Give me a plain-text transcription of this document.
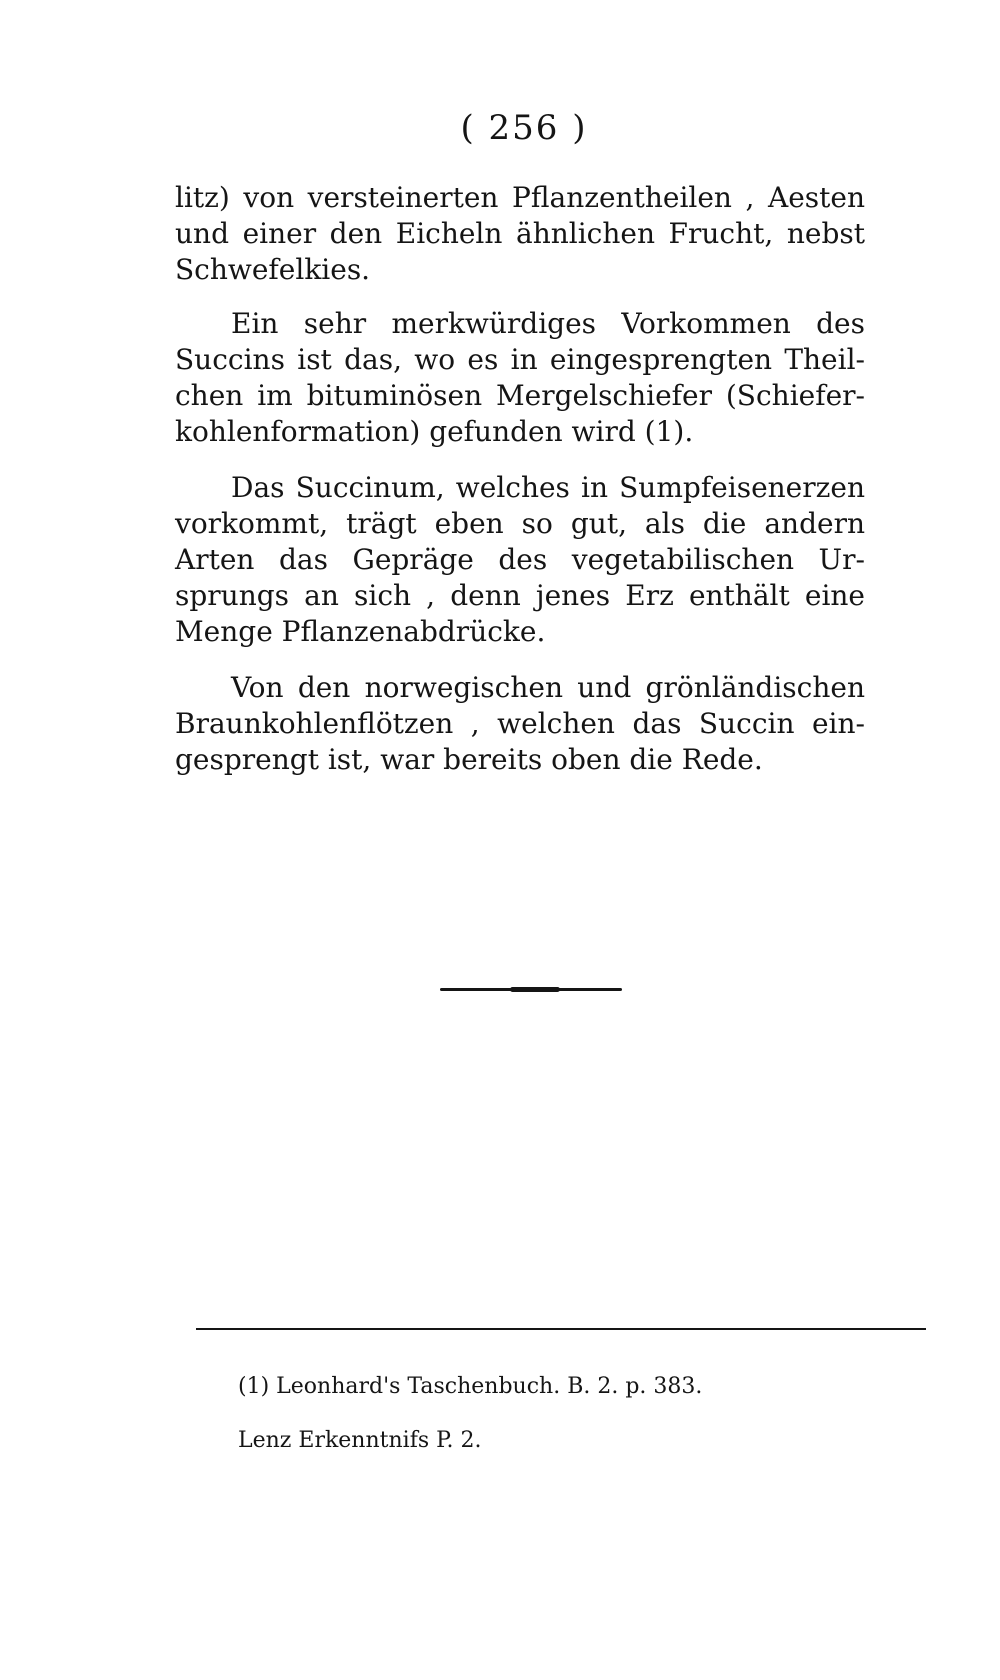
( 256 )
litz) von versteinerten Pflanzentheilen , Aesten
und einer den Eicheln ähnlichen Frucht, nebst
Schwefelkies.
Ein sehr merkwürdiges Vorkommen des
Succins ist das, wo es in eingesprengten Theil-
chen im bituminösen Mergelschiefer (Schiefer-
kohlenformation) gefunden wird (1).
Das Succinum, welches in Sumpfeisenerzen
vorkommt, trägt eben so gut, als die andern
Arten das Gepräge des vegetabilischen Ur-
sprungs an sich , denn jenes Erz enthält eine
Menge Pflanzenabdrücke.
Von den norwegischen und grönländischen
Braunkohlenflötzen , welchen das Succin ein-
gesprengt ist, war bereits oben die Rede.
(1) Leonhard's Taschenbuch. B. 2. p. 383.
Lenz Erkenntnifs P. 2.
